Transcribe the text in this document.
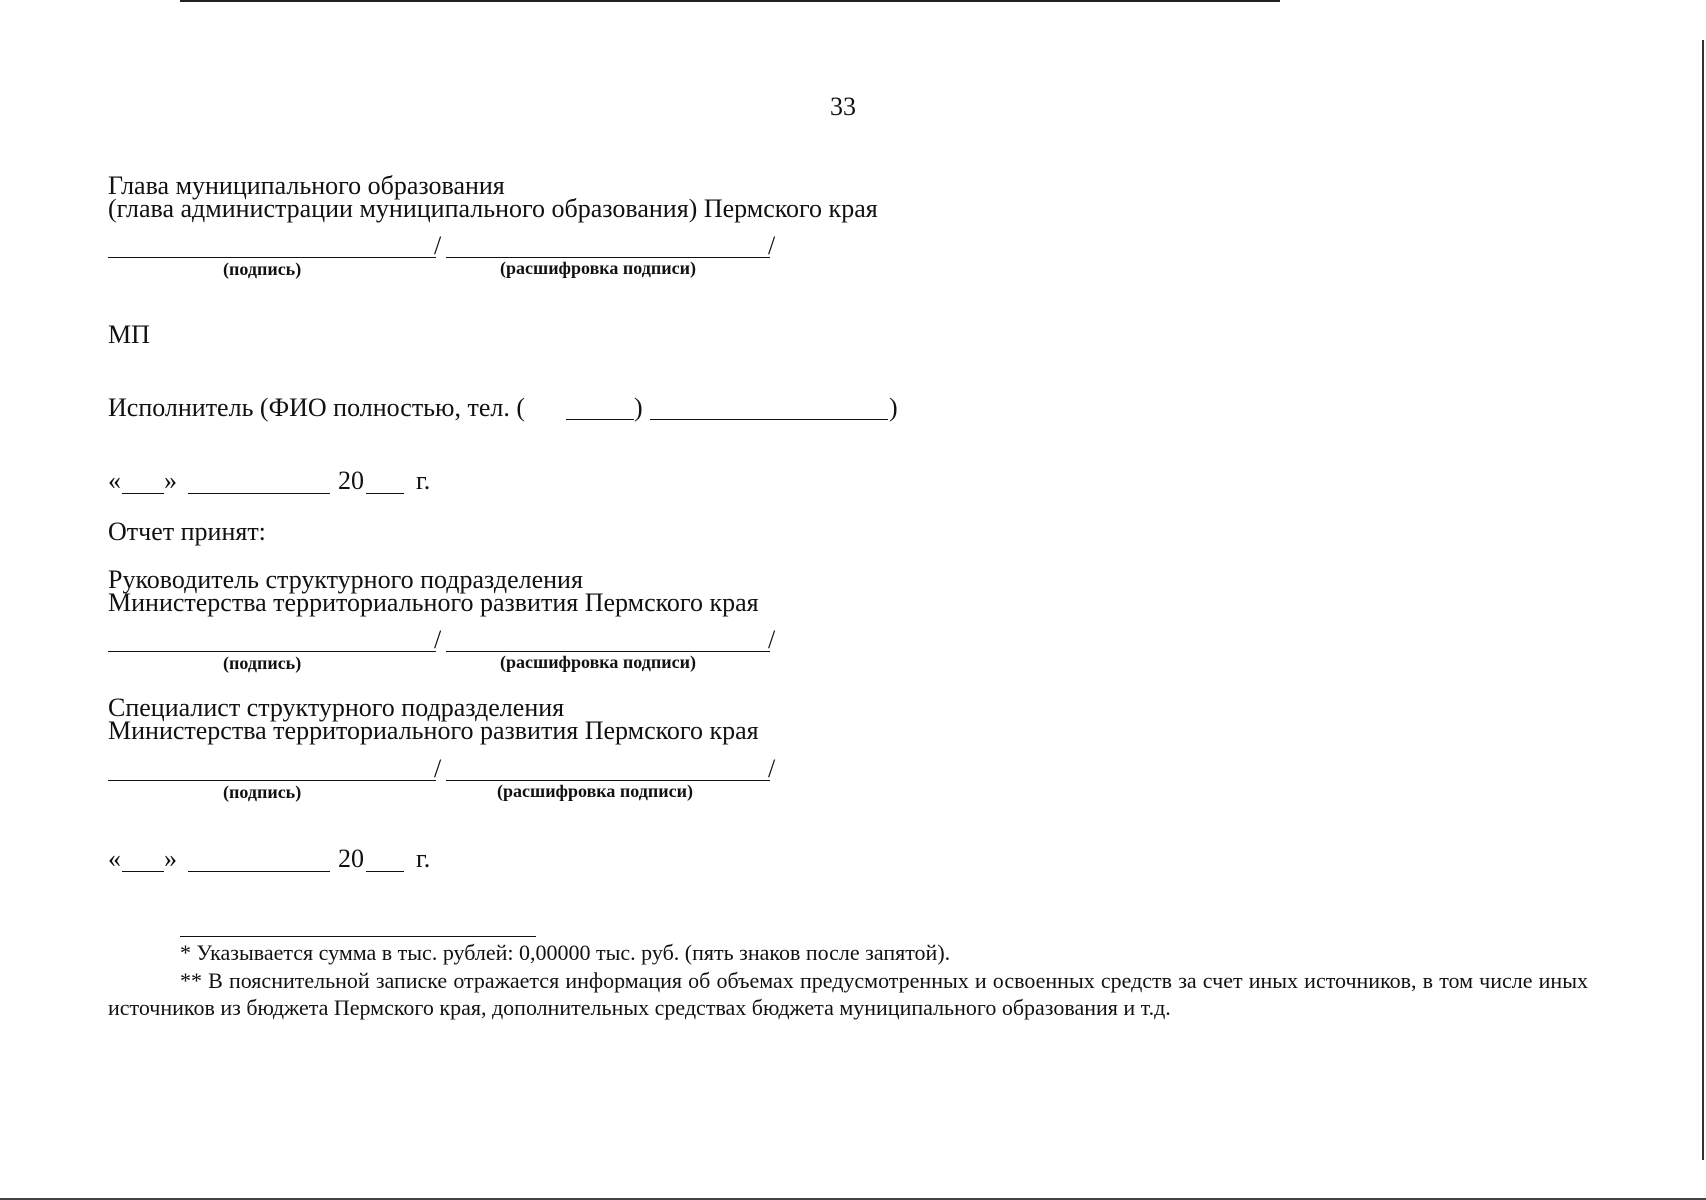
33
Глава муниципального образования
(глава администрации муниципального образования) Пермского края
/	/
(подпись)	(расшифровка подписи)
МП
Исполнитель (ФИО полностью, тел. (	)	)
« »	20 г.
Отчет принят:
Руководитель структурного подразделения
Министерства территориального развития Пермского края
/	/
(подпись)	(расшифровка подписи)
Специалист структурного подразделения
Министерства территориального развития Пермского края
/	/
(подпись)	(расшифровка подписи)
« »	20 г.
* Указывается сумма в тыс. рублей: 0,00000 тыс. руб. (пять знаков после запятой).
** В пояснительной записке отражается информация об объемах предусмотренных и освоенных средств за счет иных источников, в том числе иных источников из бюджета Пермского края, дополнительных средствах бюджета муниципального образования и т.д.
